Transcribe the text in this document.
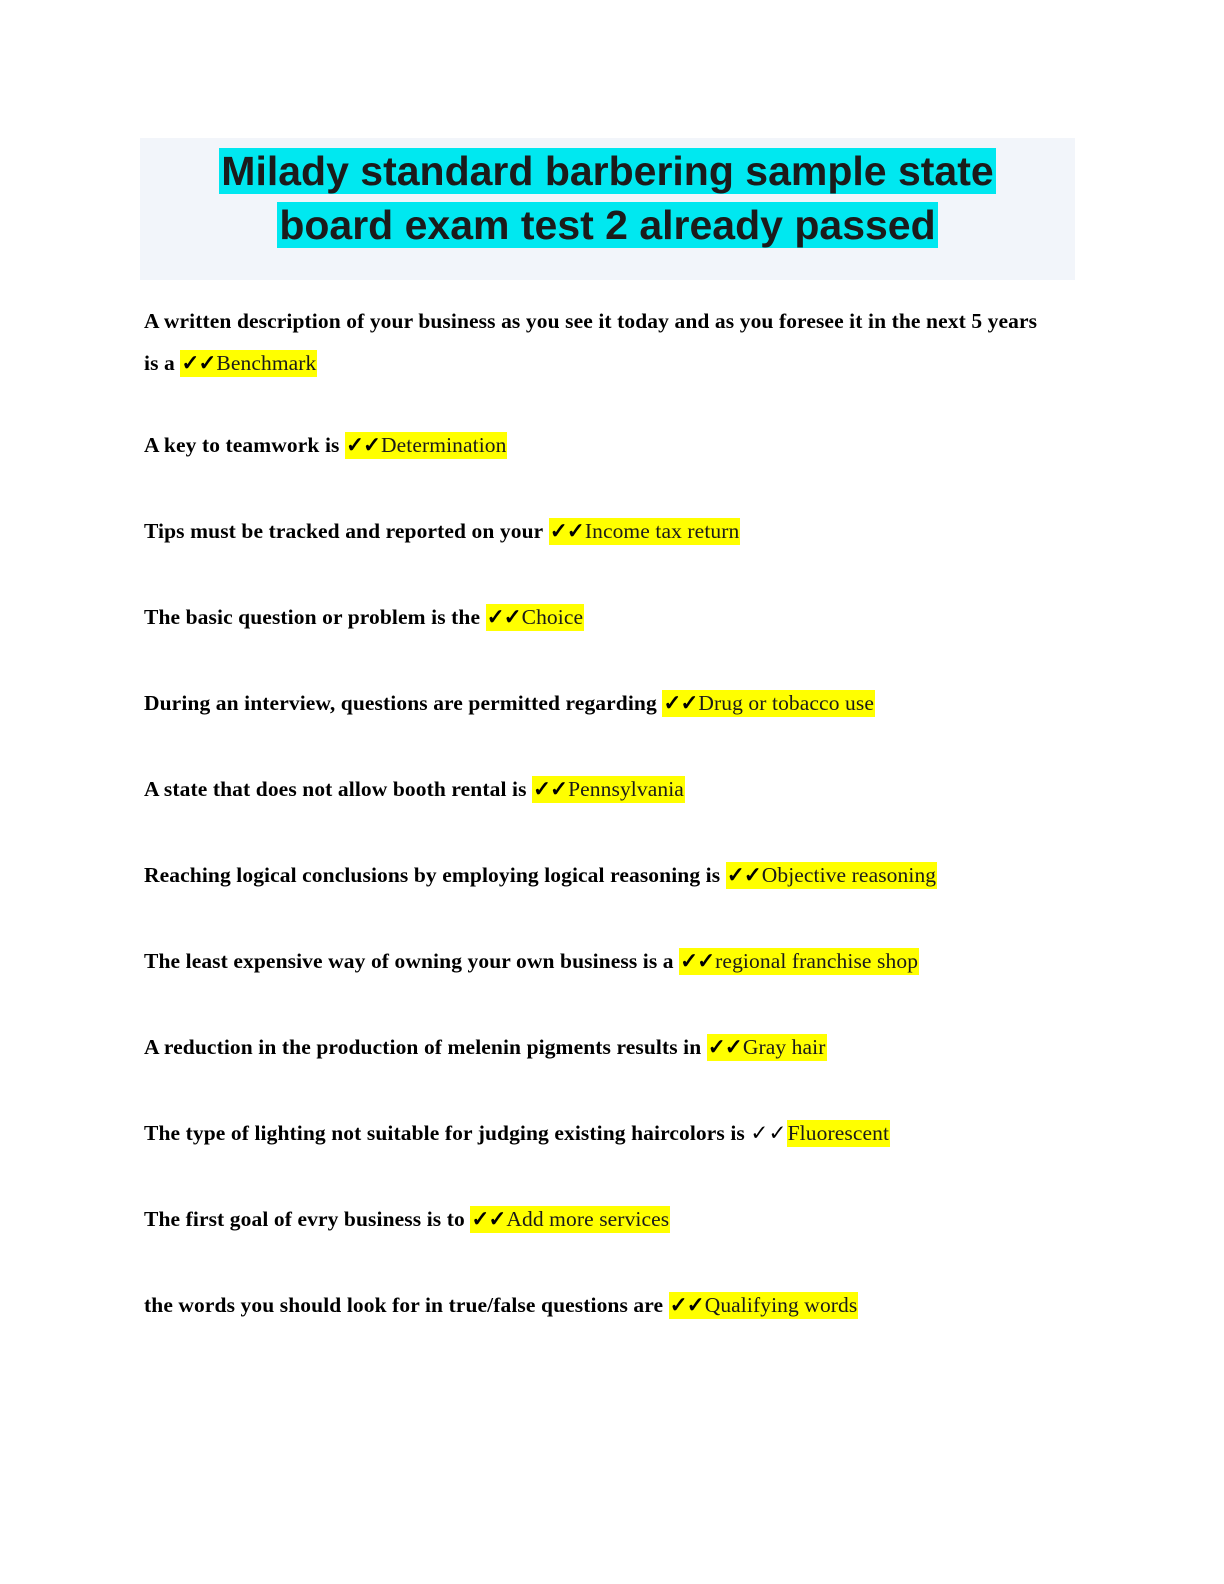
Milady standard barbering sample state
board exam test 2 already passed
A written description of your business as you see it today and as you foresee it in the next 5 years
is a ✓✓Benchmark
A key to teamwork is ✓✓Determination
Tips must be tracked and reported on your ✓✓Income tax return
The basic question or problem is the ✓✓Choice
During an interview, questions are permitted regarding ✓✓Drug or tobacco use
A state that does not allow booth rental is ✓✓Pennsylvania
Reaching logical conclusions by employing logical reasoning is ✓✓Objective reasoning
The least expensive way of owning your own business is a ✓✓regional franchise shop
A reduction in the production of melenin pigments results in ✓✓Gray hair
The type of lighting not suitable for judging existing haircolors is ✓✓Fluorescent
The first goal of evry business is to ✓✓Add more services
the words you should look for in true/false questions are ✓✓Qualifying words
